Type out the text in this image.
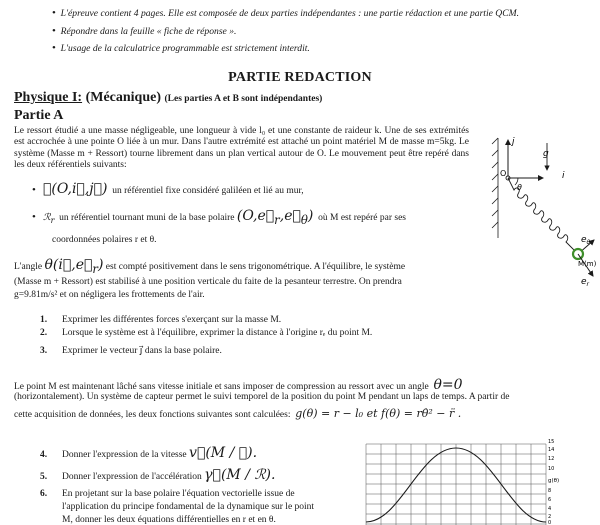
• L'épreuve contient 4 pages. Elle est composée de deux parties indépendantes : une partie rédaction et une partie QCM.
• Répondre dans la feuille « fiche de réponse ».
• L'usage de la calculatrice programmable est strictement interdit.
PARTIE REDACTION
Physique I: (Mécanique) (Les parties A et B sont indépendantes)
Partie A
Le ressort étudié a une masse négligeable, une longueur à vide l₀ et une constante de raideur k. Une de ses extrémités est accrochée à une pointe O liée à un mur. Dans l'autre extrémité est attaché un point matériel M de masse m=5kg. Le système (Masse m + Ressort) tourne librement dans un plan vertical autour de O. Le mouvement peut être repéré dans les deux référentiels suivants:
• ℛ(O,i⃗,j⃗) un référentiel fixe considéré galiléen et lié au mur,
• ℛ$_r$ un référentiel tournant muni de la base polaire $(O,e⃗_r,e⃗_\theta)$ où M est repéré par ses
coordonnées polaires r et θ.
L'angle $\theta(i⃗,e⃗_r)$ est compté positivement dans le sens trigonométrique. A l'équilibre, le système
(Masse m + Ressort) est stabilisé à une position verticale du faite de la pesanteur terrestre. On prendra
g=9.81m/s² et on négligera les frottements de l'air.
1. Exprimer les différentes forces s'exerçant sur la masse M.
2. Lorsque le système est à l'équilibre, exprimer la distance à l'origine rₑ du point M.
3. Exprimer le vecteur j⃗ dans la base polaire.
Le point M est maintenant lâché sans vitesse initiale et sans imposer de compression au ressort avec un angle θ=0
(horizontalement). Un système de capteur permet le suivi temporel de la position du point M pendant un laps de temps. A partir de
cette acquisition de données, les deux fonctions suivantes sont calculées: g(θ) = r − l₀ et f(θ) = rθ̇² − r̈ .
4. Donner l'expression de la vitesse v⃗(M / ℛ).
5. Donner l'expression de l'accélération γ⃗(M / ℛ).
6. En projetant sur la base polaire l'équation vectorielle issue de
l'application du principe fondamental de la dynamique sur le point
M, donner les deux équations différentielles en r et en θ.
j
g
O	i
θ
$e_\theta$
M(m)
$e_r$
g(θ)
15
14
12
10
8
6
4
2
0
